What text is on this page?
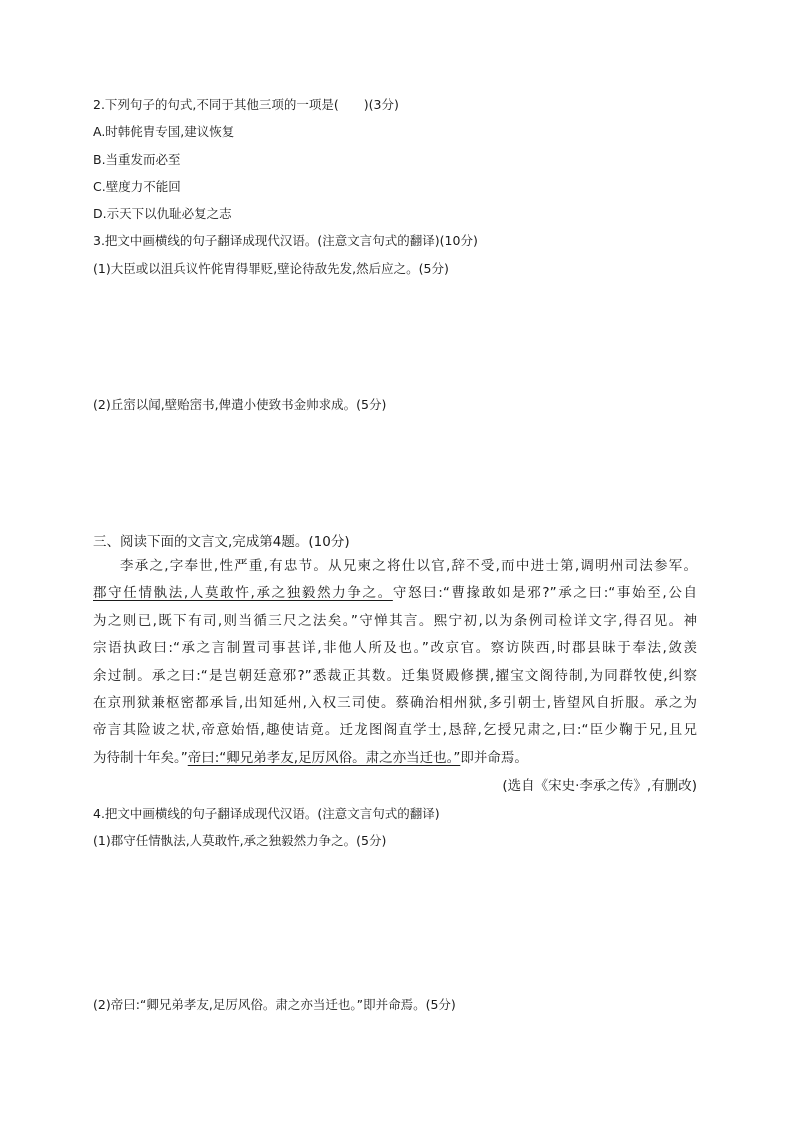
2.下列句子的句式,不同于其他三项的一项是(　　)(3分)
A.时韩侂胄专国,建议恢复
B.当重发而必至
C.壁度力不能回
D.示天下以仇耻必复之志
3.把文中画横线的句子翻译成现代汉语。(注意文言句式的翻译)(10分)
(1)大臣或以沮兵议忤侂胄得罪贬,壁论待敌先发,然后应之。(5分)
(2)丘崈以闻,壁贻崈书,俾遣小使致书金帅求成。(5分)
三、阅读下面的文言文,完成第4题。(10分)

李承之,字奉世,性严重,有忠节。从兄柬之将仕以官,辞不受,而中进士第,调明州司法参军。

郡守任情骫法,人莫敢忤,承之独毅然力争之。守怒曰:“曹掾敢如是邪?”承之曰:“事始至,公自

为之则已,既下有司,则当循三尺之法矣。”守惮其言。熙宁初,以为条例司检详文字,得召见。神

宗语执政曰:“承之言制置司事甚详,非他人所及也。”改京官。察访陕西,时郡县昧于奉法,敛羡

余过制。承之曰:“是岂朝廷意邪?”悉裁正其数。迁集贤殿修撰,擢宝文阁待制,为同群牧使,纠察

在京刑狱兼枢密都承旨,出知延州,入权三司使。蔡确治相州狱,多引朝士,皆望风自折服。承之为

帝言其险诐之状,帝意始悟,趣使诘竟。迁龙图阁直学士,恳辞,乞授兄肃之,曰:“臣少鞠于兄,且兄

为待制十年矣。”帝曰:“卿兄弟孝友,足厉风俗。肃之亦当迁也。”即并命焉。

(选自《宋史·李承之传》,有删改)
4.把文中画横线的句子翻译成现代汉语。(注意文言句式的翻译)
(1)郡守任情骫法,人莫敢忤,承之独毅然力争之。(5分)
(2)帝曰:“卿兄弟孝友,足厉风俗。肃之亦当迁也。”即并命焉。(5分)
